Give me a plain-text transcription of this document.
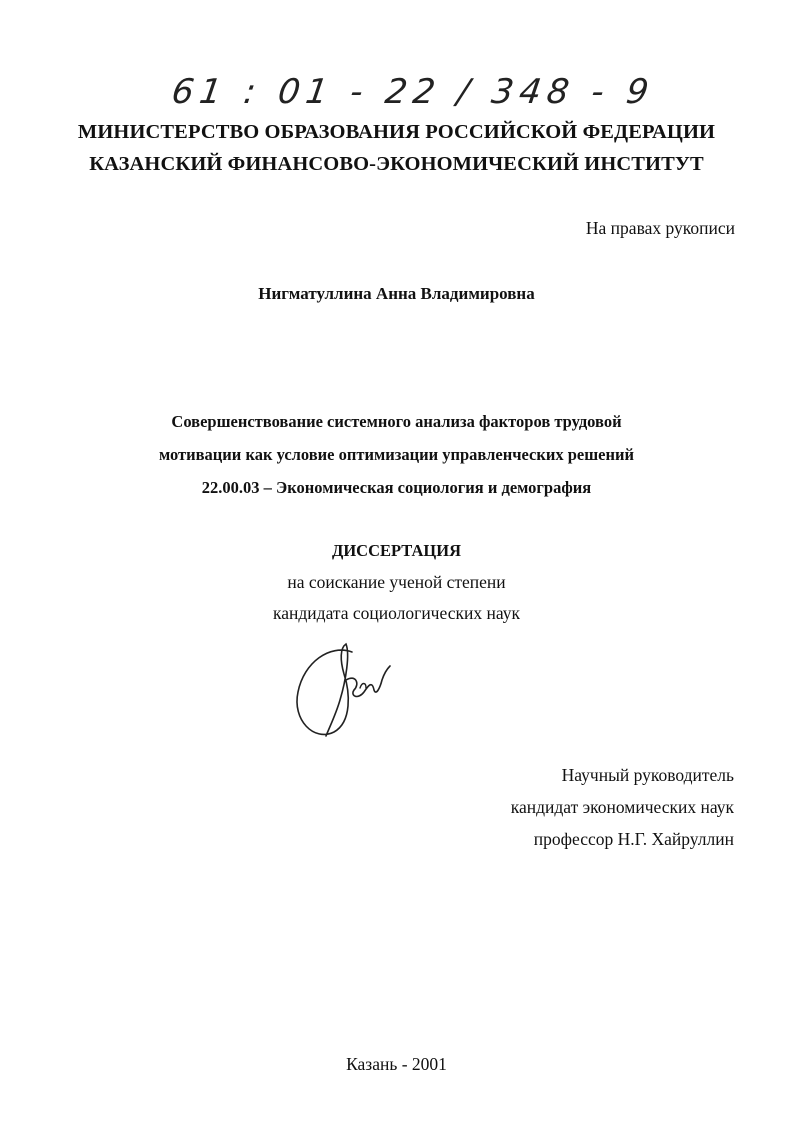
61 : 01 - 22 / 348 - 9
МИНИСТЕРСТВО ОБРАЗОВАНИЯ РОССИЙСКОЙ ФЕДЕРАЦИИ
КАЗАНСКИЙ ФИНАНСОВО-ЭКОНОМИЧЕСКИЙ ИНСТИТУТ
На правах рукописи
Нигматуллина Анна Владимировна
Совершенствование системного анализа факторов трудовой
мотивации как условие оптимизации управленческих решений
22.00.03 – Экономическая социология и демография
ДИССЕРТАЦИЯ
на соискание ученой степени
кандидата социологических наук
Научный руководитель
кандидат экономических наук
профессор Н.Г. Хайруллин
Казань - 2001
